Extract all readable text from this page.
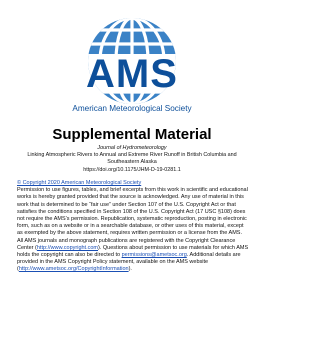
AMS
American Meteorological Society
Supplemental Material
Journal of Hydrometeorology
Linking Atmospheric Rivers to Annual and Extreme River Runoff in British Columbia and
Southeastern Alaska
https://doi.org/10.1175/JHM-D-19-0281.1
© Copyright 2020 American Meteorological Society
Permission to use figures, tables, and brief excerpts from this work in scientific and educational works is hereby granted provided that the source is acknowledged. Any use of material in this work that is determined to be “fair use” under Section 107 of the U.S. Copyright Act or that satisfies the conditions specified in Section 108 of the U.S. Copyright Act (17 USC §108) does not require the AMS’s permission. Republication, systematic reproduction, posting in electronic form, such as on a website or in a searchable database, or other uses of this material, except as exempted by the above statement, requires written permission or a license from the AMS. All AMS journals and monograph publications are registered with the Copyright Clearance Center (http://www.copyright.com). Questions about permission to use materials for which AMS holds the copyright can also be directed to permissions@ametsoc.org. Additional details are provided in the AMS Copyright Policy statement, available on the AMS website (http://www.ametsoc.org/CopyrightInformation).
